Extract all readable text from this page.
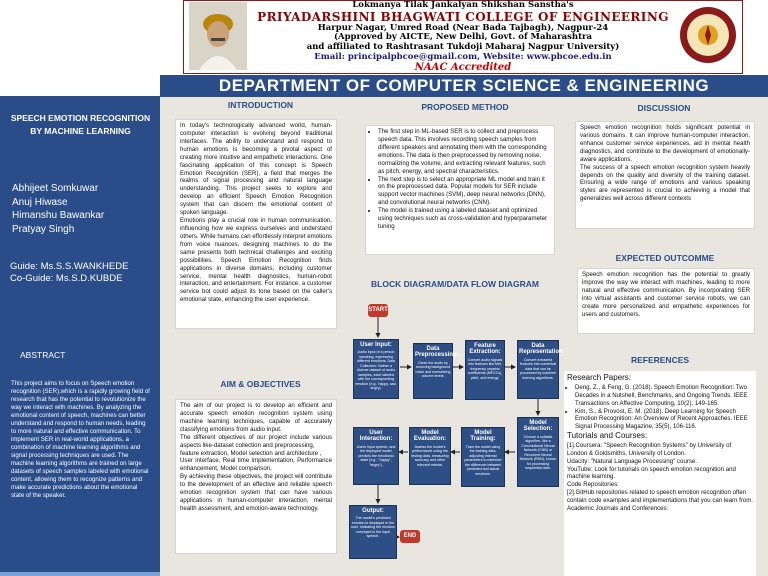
Lokmanya Tilak Jankalyan Shikshan Sanstha's
PRIYADARSHINI BHAGWATI COLLEGE OF ENGINEERING
Harpur Nagar, Umred Road (Near Bada Tajbagh), Nagpur-24
(Approved by AICTE, New Delhi, Govt. of Maharashtra
and affiliated to Rashtrasant Tukdoji Maharaj Nagpur University)
Email: principalpbcoe@gmail.com, Website: www.pbcoe.edu.in
NAAC Accredited
DEPARTMENT OF COMPUTER SCIENCE & ENGINEERING
SPEECH EMOTION RECOGNITION BY MACHINE LEARNING
Abhijeet Somkuwar
Anuj Hiwase
Himanshu Bawankar
Pratyay Singh
Guide: Ms.S.S.WANKHEDE
Co-Guide: Ms.S.D.KUBDE
ABSTRACT
This project aims to focus on Speech emotion recognition (SER),which is a rapidly growing field of research that has the potential to revolutionize the way we interact with machines. By analyzing the emotional content of speech, machines can better understand and respond to human needs, leading to more natural and effective communication. To implement SER in real-world applications, a combination of machine learning algorithms and signal processing techniques are used. The machine learning algorithms are trained on large datasets of speech samples labeled with emotional content, allowing them to recognize patterns and make accurate predictions about the emotional state of the speaker.
INTRODUCTION
In today's technologically advanced world, human-computer interaction is evolving beyond traditional interfaces. The ability to understand and respond to human emotions is becoming a pivotal aspect of creating more intuitive and empathetic interactions. One fascinating application of this concept is Speech Emotion Recognition (SER), a field that merges the realms of signal processing and natural language understanding. This project seeks to explore and develop an efficient Speech Emotion Recognition system that can discern the emotional content of spoken language.
Emotions play a crucial role in human communication, influencing how we express ourselves and understand others. While humans can effortlessly interpret emotions from voice nuances, designing machines to do the same presents both technical challenges and exciting possibilities. Speech Emotion Recognition finds applications in diverse domains, including customer service, mental health diagnostics, human-robot interaction, and entertainment. For instance, a customer service bot could adjust its tone based on the caller's emotional state, enhancing the user experience.
AIM & OBJECTIVES
The aim of our project is to develop an efficient and accurate speech emotion recognition system using machine learning techniques, capable of accurately classifying emotions from audio input.
The different objectives of our project include various aspects like-dataset collection and preprocessing,
feature extraction, Model selection and architecture ,
User interface, Real time implementation, Performance enhancement, Model comparison,
By achieving these objectives, the project will contribute to the development of an effective and reliable speech emotion recognition system that can have various applications in human-computer interaction, mental health assessment, and emotion-aware technology.
PROPOSED METHOD
• The first step in ML-based SER is to collect and preprocess speech data. This involves recording speech samples from different speakers and annotating them with the corresponding emotions. The data is then preprocessed by removing noise, normalizing the volume, and extracting relevant features, such as pitch, energy, and spectral characteristics.
• The next step is to select an appropriate ML model and train it on the preprocessed data. Popular models for SER include support vector machines (SVM), deep neural networks (DNN), and convolutional neural networks (CNN).
• The model is trained using a labeled dataset and optimized using techniques such as cross-validation and hyperparameter tuning
BLOCK DIAGRAM/DATA FLOW DIAGRAM
START
User Input:
Audio input of a person speaking, expressing different emotions. Data Collection: Gather a diverse dataset of audio samples, each labeled with the corresponding emotion (e.g., happy, sad, angry).
Data Preprocessing:
Clean the audio by removing background noise and normalizing volume levels.
Feature Extraction:
Convert audio signals into features like Mel-frequency cepstral coefficients (MFCCs), pitch, and energy.
Data Representation:
Convert extracted features into numerical data that can be processed by machine learning algorithms.
User Interaction:
Users input speech, and the deployed model predicts the emotional state (e.g., "happy", "angry").
Model Evaluation:
Assess the model's performance using the testing data, measuring accuracy and other relevant metrics.
Model Training:
Train the model using the training data, adjusting internal parameters to minimize the difference between predicted and actual emotions.
Model Selection:
Choose a suitable algorithm, like a Convolutional Neural Network (CNN) or Recurrent Neural Network (RNN), known for processing sequential data.
Output:
The model's predicted emotion is displayed to the user, indicating the emotion conveyed in the input speech.	END
DISCUSSION
Speech emotion recognition holds significant potential in various domains. It can improve human-computer interaction, enhance customer service experiences, aid in mental health diagnostics, and contribute to the development of emotionally-aware applications.
The success of a speech emotion recognition system heavily depends on the quality and diversity of the training dataset. Ensuring a wide range of emotions and various speaking styles are represented is crucial to achieving a model that generalizes well across different contexts
EXPECTED OUTCOMME
Speech emotion recognition has the potential to greatly improve the way we interact with machines, leading to more natural and effective communication. By incorporating SER into virtual assistants and customer service robots, we can create more personalized and empathetic experiences for users and customers.
REFERENCES
Research Papers:
• Deng, Z., & Feng, G. (2018). Speech Emotion Recognition: Two Decades in a Nutshell, Benchmarks, and Ongoing Trends. IEEE Transactions on Affective Computing, 10(2), 149-165.
• Kim, S., & Provost, E. M. (2018). Deep Learning for Speech Emotion Recognition: An Overview of Recent Approaches. IEEE Signal Processing Magazine, 35(5), 106-116.
Tutorials and Courses:
[1].Coursera: "Speech Recognition Systems" by University of London & Goldsmiths, University of London.
Udacity: "Natural Language Processing" course.
YouTube: Look for tutorials on speech emotion recognition and machine learning.
Code Repositories:
[2].GitHub repositories related to speech emotion recognition often contain code examples and implementations that you can learn from.
Academic Journals and Conferences:
